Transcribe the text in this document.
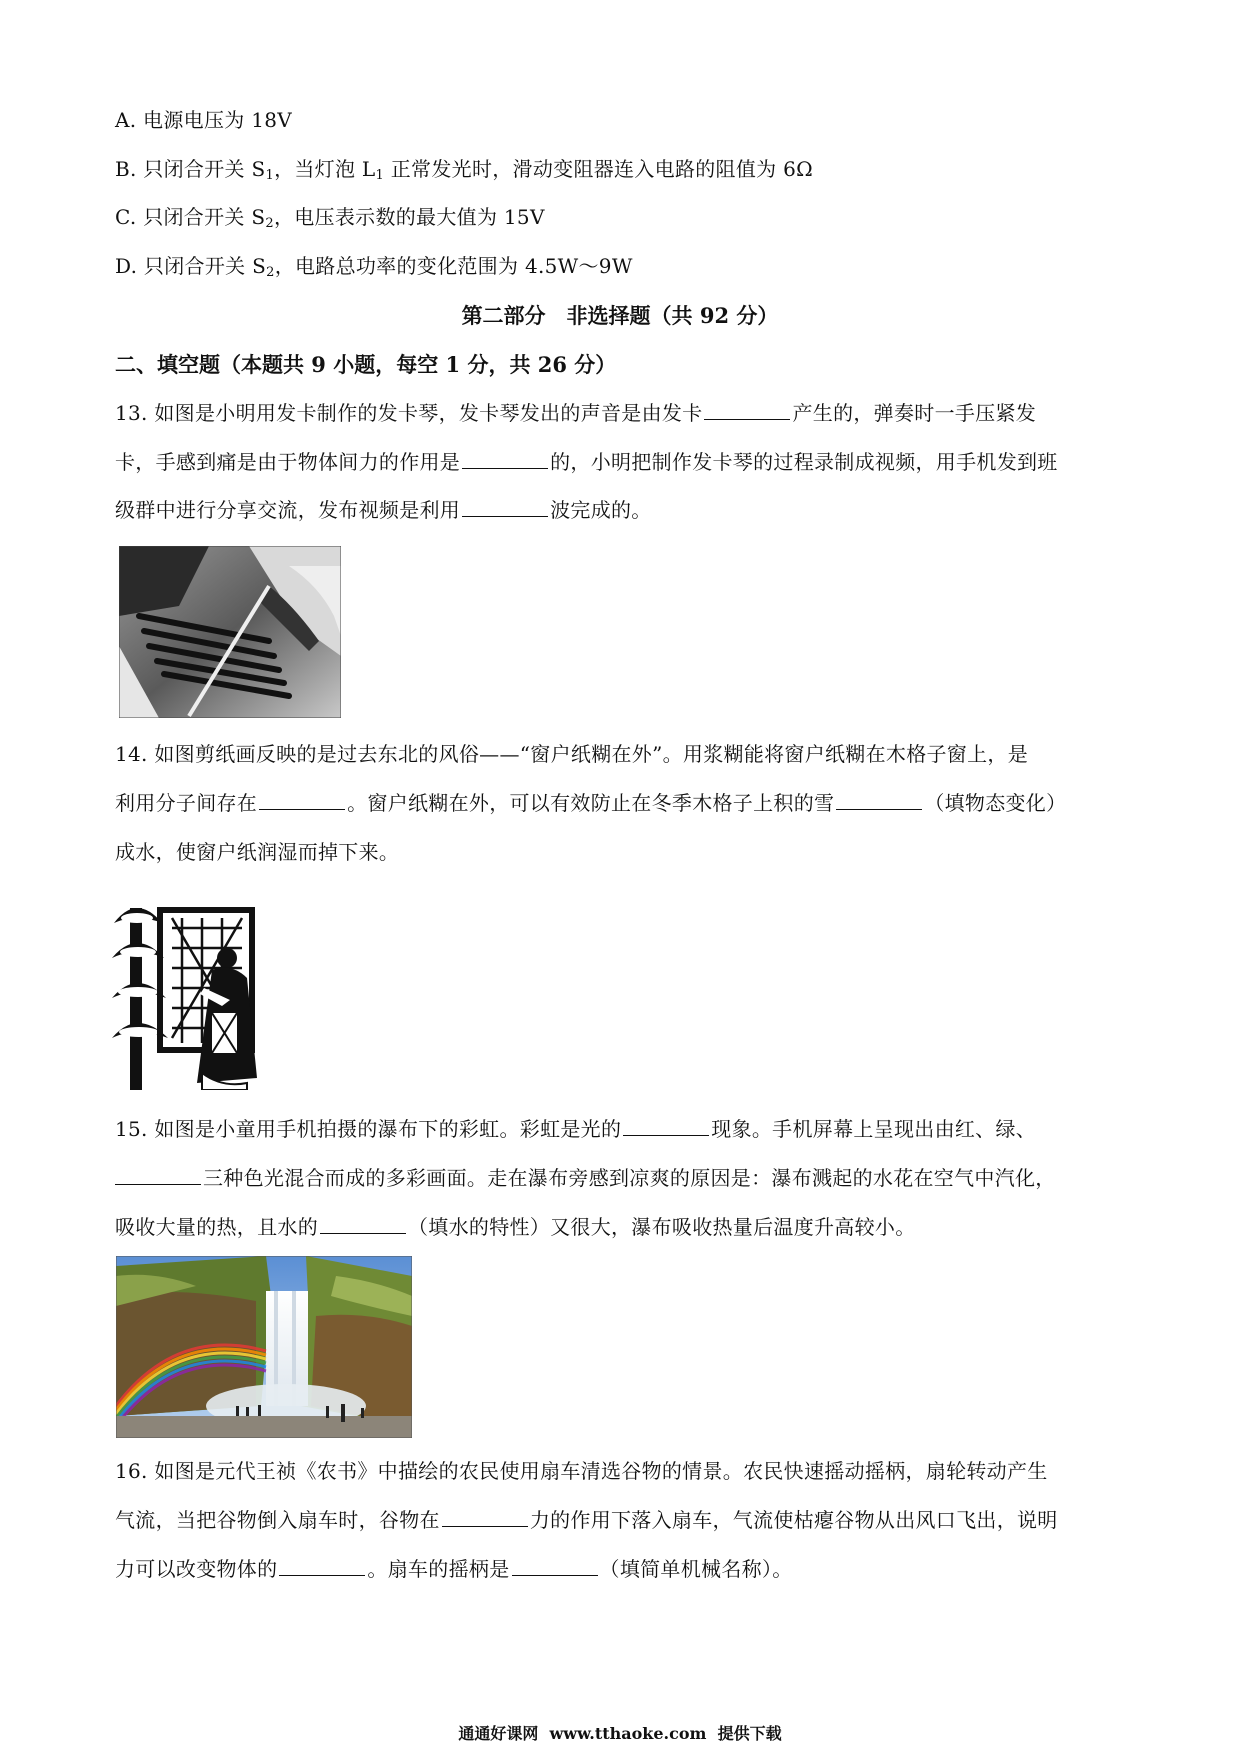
A. 电源电压为 18V
B. 只闭合开关 $S_1$，当灯泡 $L_1$ 正常发光时，滑动变阻器连入电路的阻值为 6Ω
C. 只闭合开关 $S_2$，电压表示数的最大值为 15V
D. 只闭合开关 $S_2$，电路总功率的变化范围为 4.5W～9W
第二部分　非选择题（共 92 分）
二、填空题（本题共 9 小题，每空 1 分，共 26 分）
13. 如图是小明用发卡制作的发卡琴，发卡琴发出的声音是由发卡	产生的，弹奏时一手压紧发
卡，手感到痛是由于物体间力的作用是	的，小明把制作发卡琴的过程录制成视频，用手机发到班
级群中进行分享交流，发布视频是利用	波完成的。
14. 如图剪纸画反映的是过去东北的风俗——“窗户纸糊在外”。用浆糊能将窗户纸糊在木格子窗上，是
利用分子间存在	。窗户纸糊在外，可以有效防止在冬季木格子上积的雪	（填物态变化）
成水，使窗户纸润湿而掉下来。
15. 如图是小童用手机拍摄的瀑布下的彩虹。彩虹是光的	现象。手机屏幕上呈现出由红、绿、
三种色光混合而成的多彩画面。走在瀑布旁感到凉爽的原因是：瀑布溅起的水花在空气中汽化，
吸收大量的热，且水的	（填水的特性）又很大，瀑布吸收热量后温度升高较小。
16. 如图是元代王祯《农书》中描绘的农民使用扇车清选谷物的情景。农民快速摇动摇柄，扇轮转动产生
气流，当把谷物倒入扇车时，谷物在	力的作用下落入扇车，气流使枯瘪谷物从出风口飞出，说明
力可以改变物体的	。扇车的摇柄是	（填简单机械名称）。
通通好课网  www.tthaoke.com  提供下载
